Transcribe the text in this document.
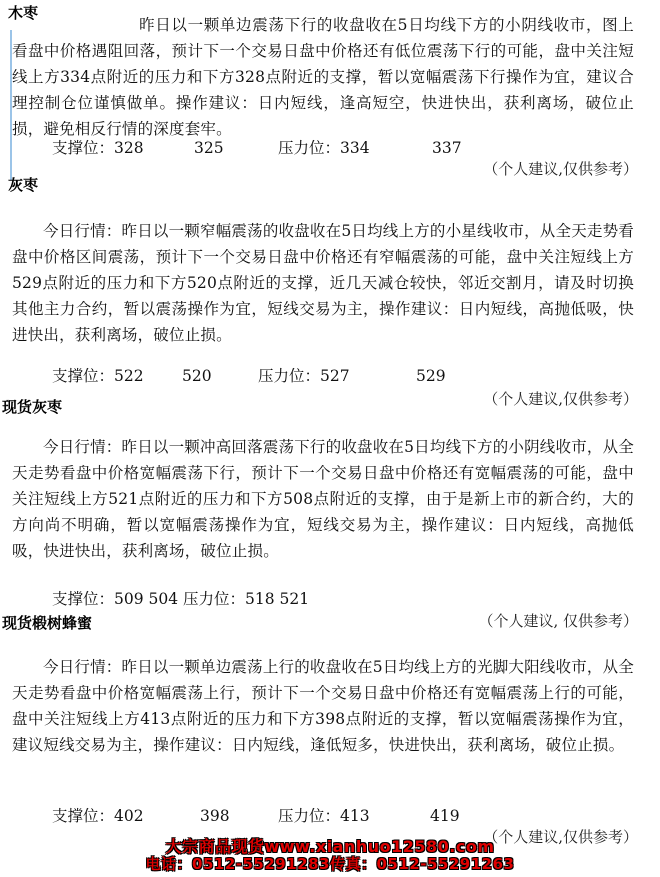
木枣

昨日以一颗单边震荡下行的收盘收在5日均线下方的小阴线收市，图上看盘中价格遇阻回落，预计下一个交易日盘中价格还有低位震荡下行的可能，盘中关注短线上方334点附近的压力和下方328点附近的支撑，暂以宽幅震荡下行操作为宜，建议合理控制仓位谨慎做单。操作建议：日内短线，逢高短空，快进快出，获利离场，破位止损，避免相反行情的深度套牢。

支撑位：328	325	压力位：334	337
（个人建议,仅供参考）
灰枣

今日行情：昨日以一颗窄幅震荡的收盘收在5日均线上方的小星线收市，从全天走势看盘中价格区间震荡，预计下一个交易日盘中价格还有窄幅震荡的可能，盘中关注短线上方529点附近的压力和下方520点附近的支撑，近几天减仓较快，邻近交割月，请及时切换其他主力合约，暂以震荡操作为宜，短线交易为主，操作建议：日内短线，高抛低吸，快进快出，获利离场，破位止损。

支撑位：522 520	压力位：527	529
（个人建议,仅供参考）
现货灰枣

今日行情：昨日以一颗冲高回落震荡下行的收盘收在5日均线下方的小阴线收市，从全天走势看盘中价格宽幅震荡下行，预计下一个交易日盘中价格还有宽幅震荡的可能，盘中关注短线上方521点附近的压力和下方508点附近的支撑，由于是新上市的新合约，大的方向尚不明确，暂以宽幅震荡操作为宜，短线交易为主，操作建议：日内短线，高抛低吸，快进快出，获利离场，破位止损。

支撑位：509 504 压力位：518 521
（个人建议, 仅供参考）
现货椴树蜂蜜

今日行情：昨日以一颗单边震荡上行的收盘收在5日均线上方的光脚大阳线收市，从全天走势看盘中价格宽幅震荡上行，预计下一个交易日盘中价格还有宽幅震荡上行的可能，盘中关注短线上方413点附近的压力和下方398点附近的支撑，暂以宽幅震荡操作为宜，建议短线交易为主，操作建议：日内短线，逢低短多，快进快出，获利离场，破位止损。

支撑位：402	398	压力位：413	419
（个人建议,仅供参考）
大宗商品现货www.xianhuo12580.com
电话：0512-55291283传真：0512-55291263
